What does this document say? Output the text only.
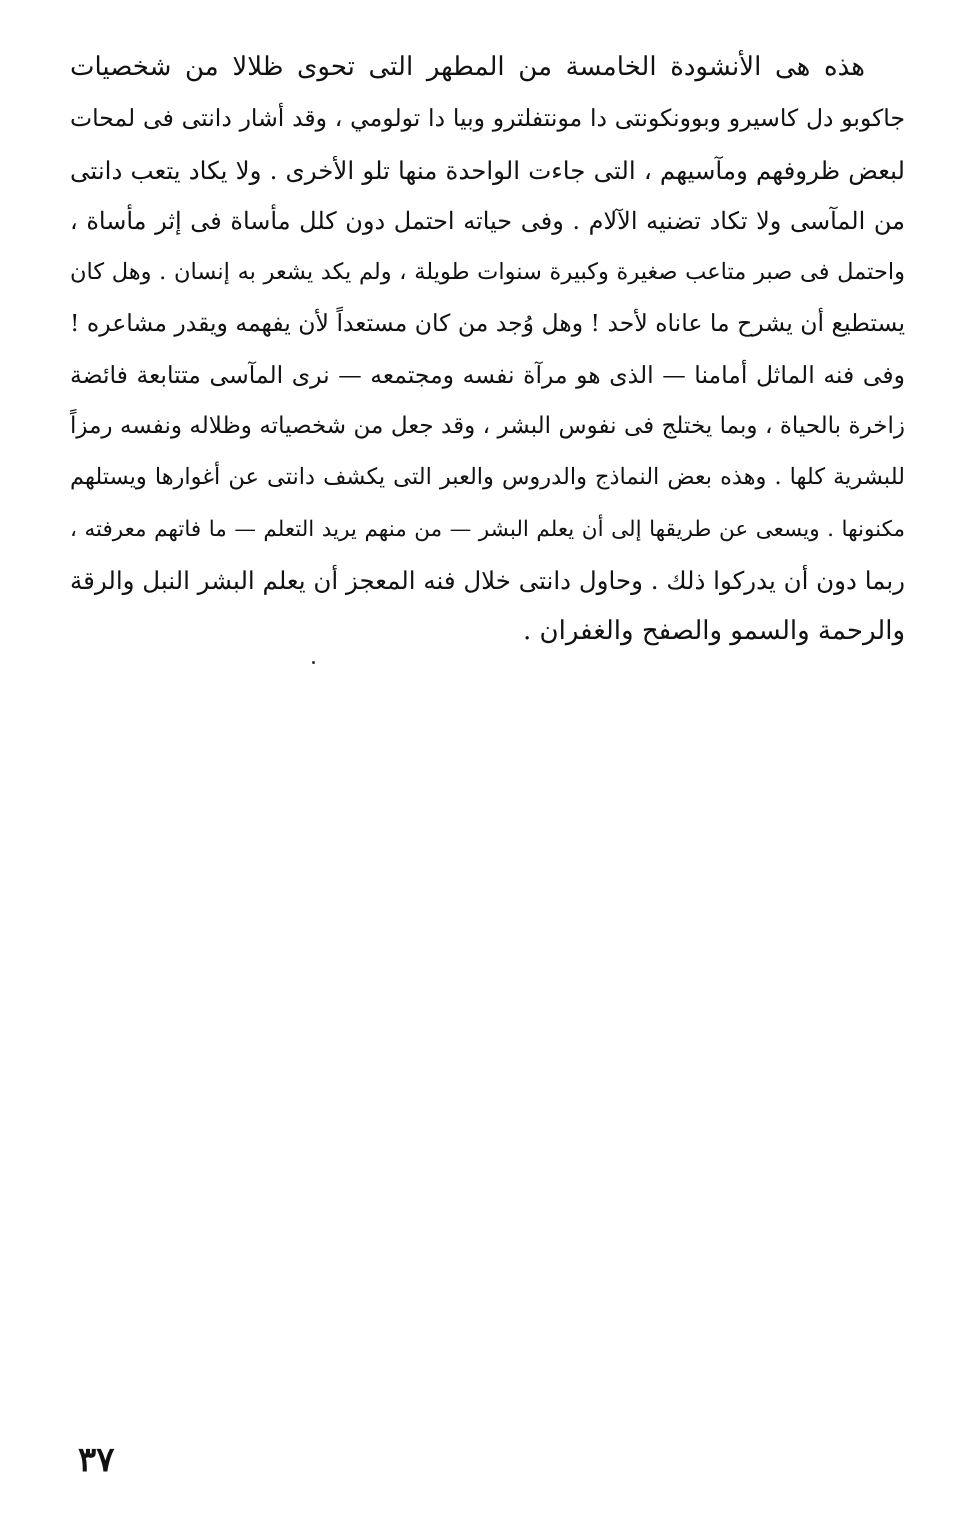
هذه هى الأنشودة الخامسة من المطهر التى تحوى ظلالا من شخصيات
جاكوبو دل كاسيرو وبوونكونتى دا مونتفلترو وبيا دا تولومي ، وقد أشار دانتى فى لمحات
لبعض ظروفهم ومآسيهم ، التى جاءت الواحدة منها تلو الأخرى . ولا يكاد يتعب دانتى
من المآسى ولا تكاد تضنيه الآلام . وفى حياته احتمل دون كلل مأساة فى إثر مأساة ،
واحتمل فى صبر متاعب صغيرة وكبيرة سنوات طويلة ، ولم يكد يشعر به إنسان . وهل كان
يستطيع أن يشرح ما عاناه لأحد ! وهل وُجد من كان مستعداً لأن يفهمه ويقدر مشاعره !
وفى فنه الماثل أمامنا — الذى هو مرآة نفسه ومجتمعه — نرى المآسى متتابعة فائضة
زاخرة بالحياة ، وبما يختلج فى نفوس البشر ، وقد جعل من شخصياته وظلاله ونفسه رمزاً
للبشرية كلها . وهذه بعض النماذج والدروس والعبر التى يكشف دانتى عن أغوارها ويستلهم
مكنونها . ويسعى عن طريقها إلى أن يعلم البشر — من منهم يريد التعلم — ما فاتهم معرفته ،
ربما دون أن يدركوا ذلك . وحاول دانتى خلال فنه المعجز أن يعلم البشر النبل والرقة
والرحمة والسمو والصفح والغفران .
٣٧
